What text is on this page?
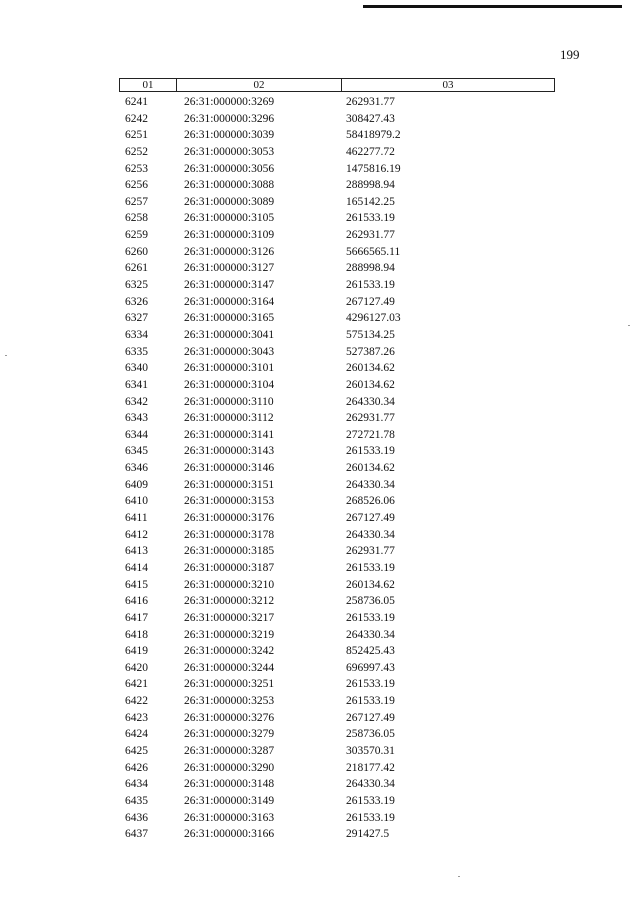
199
01	02	03
6241	26:31:000000:3269	262931.77
6242	26:31:000000:3296	308427.43
6251	26:31:000000:3039	58418979.2
6252	26:31:000000:3053	462277.72
6253	26:31:000000:3056	1475816.19
6256	26:31:000000:3088	288998.94
6257	26:31:000000:3089	165142.25
6258	26:31:000000:3105	261533.19
6259	26:31:000000:3109	262931.77
6260	26:31:000000:3126	5666565.11
6261	26:31:000000:3127	288998.94
6325	26:31:000000:3147	261533.19
6326	26:31:000000:3164	267127.49
6327	26:31:000000:3165	4296127.03
6334	26:31:000000:3041	575134.25
6335	26:31:000000:3043	527387.26
6340	26:31:000000:3101	260134.62
6341	26:31:000000:3104	260134.62
6342	26:31:000000:3110	264330.34
6343	26:31:000000:3112	262931.77
6344	26:31:000000:3141	272721.78
6345	26:31:000000:3143	261533.19
6346	26:31:000000:3146	260134.62
6409	26:31:000000:3151	264330.34
6410	26:31:000000:3153	268526.06
6411	26:31:000000:3176	267127.49
6412	26:31:000000:3178	264330.34
6413	26:31:000000:3185	262931.77
6414	26:31:000000:3187	261533.19
6415	26:31:000000:3210	260134.62
6416	26:31:000000:3212	258736.05
6417	26:31:000000:3217	261533.19
6418	26:31:000000:3219	264330.34
6419	26:31:000000:3242	852425.43
6420	26:31:000000:3244	696997.43
6421	26:31:000000:3251	261533.19
6422	26:31:000000:3253	261533.19
6423	26:31:000000:3276	267127.49
6424	26:31:000000:3279	258736.05
6425	26:31:000000:3287	303570.31
6426	26:31:000000:3290	218177.42
6434	26:31:000000:3148	264330.34
6435	26:31:000000:3149	261533.19
6436	26:31:000000:3163	261533.19
6437	26:31:000000:3166	291427.5
